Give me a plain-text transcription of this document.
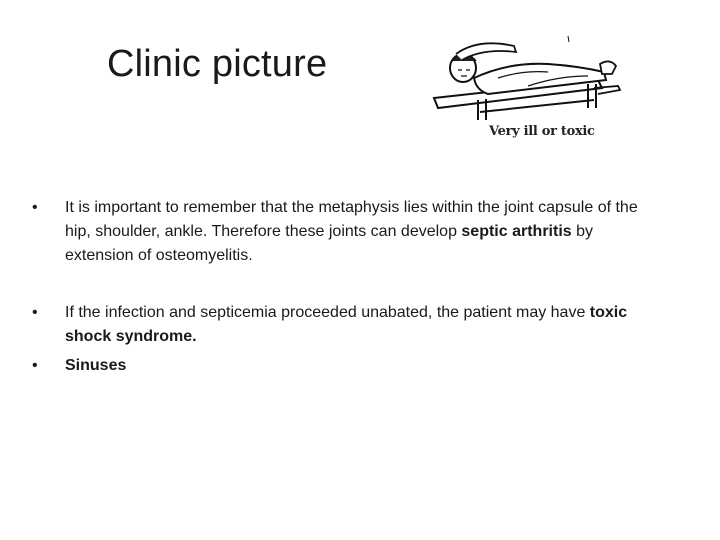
Clinic picture
Very ill or toxic
•	It is important to remember that the metaphysis lies within the joint capsule of the hip, shoulder, ankle. Therefore these joints can develop septic arthritis by extension of osteomyelitis.
•	If the infection and septicemia proceeded unabated, the patient may have toxic shock syndrome.
•	Sinuses
